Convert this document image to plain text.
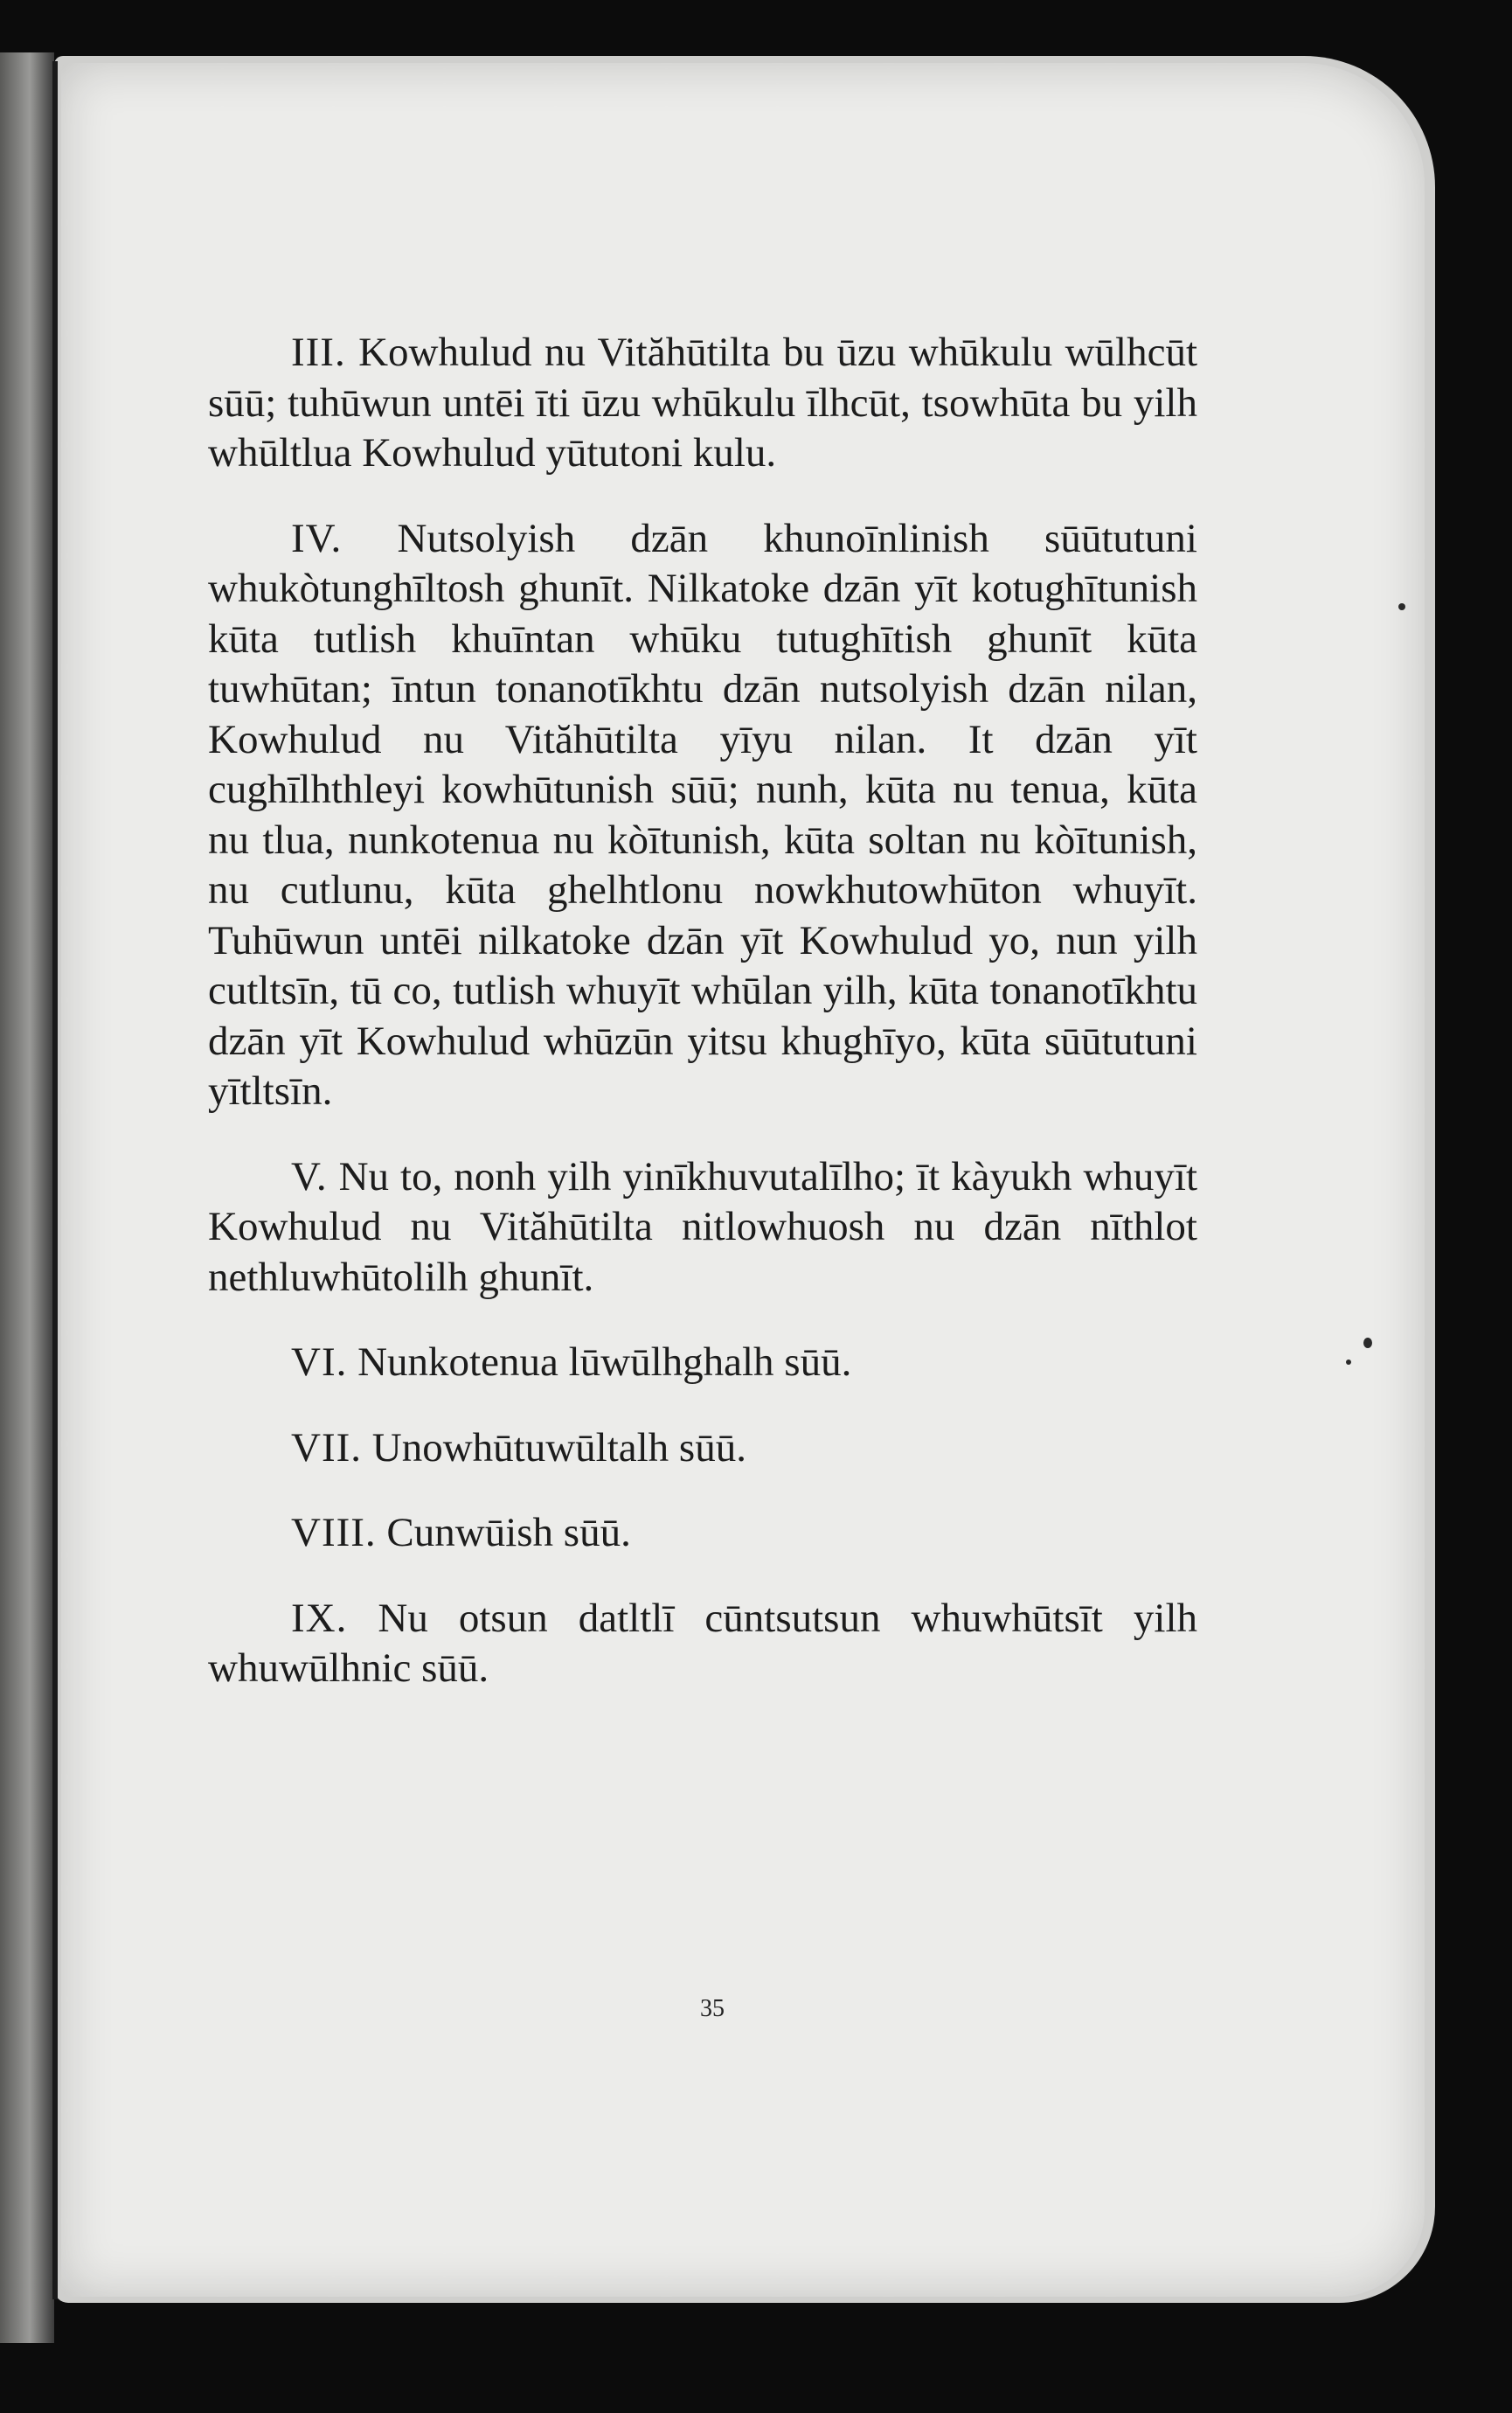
III. Kowhulud nu Vităhūtilta bu ūzu whūkulu wūlhcūt sūū; tuhūwun untēi īti ūzu whūkulu īlhcūt, tsowhūta bu yilh whūltlua Kowhulud yūtutoni kulu.

IV. Nutsolyish dzān khunoīnlinish sūūtutuni whukòtunghīltosh ghunīt. Nilkatoke dzān yīt kotughītunish kūta tutlish khuīntan whūku tutughītish ghunīt kūta tuwhūtan; īntun tonanotīkhtu dzān nutsolyish dzān nilan, Kowhulud nu Vităhūtilta yīyu nilan. It dzān yīt cughīlhthleyi kowhūtunish sūū; nunh, kūta nu tenua, kūta nu tlua, nunkotenua nu kòītunish, kūta soltan nu kòītunish, nu cutlunu, kūta ghelhtlonu nowkhutowhūton whuyīt. Tuhūwun untēi nilkatoke dzān yīt Kowhulud yo, nun yilh cutltsīn, tū co, tutlish whuyīt whūlan yilh, kūta tonanotīkhtu dzān yīt Kowhulud whūzūn yitsu khughīyo, kūta sūūtutuni yītltsīn.

V. Nu to, nonh yilh yinīkhuvutalīlho; īt kàyukh whuyīt Kowhulud nu Vităhūtilta nitlowhuosh nu dzān nīthlot nethluwhūtolilh ghunīt.

VI. Nunkotenua lūwūlhghalh sūū.

VII. Unowhūtuwūltalh sūū.

VIII. Cunwūish sūū.

IX. Nu otsun datltlī cūntsutsun whuwhūtsīt yilh whuwūlhnic sūū.

35
